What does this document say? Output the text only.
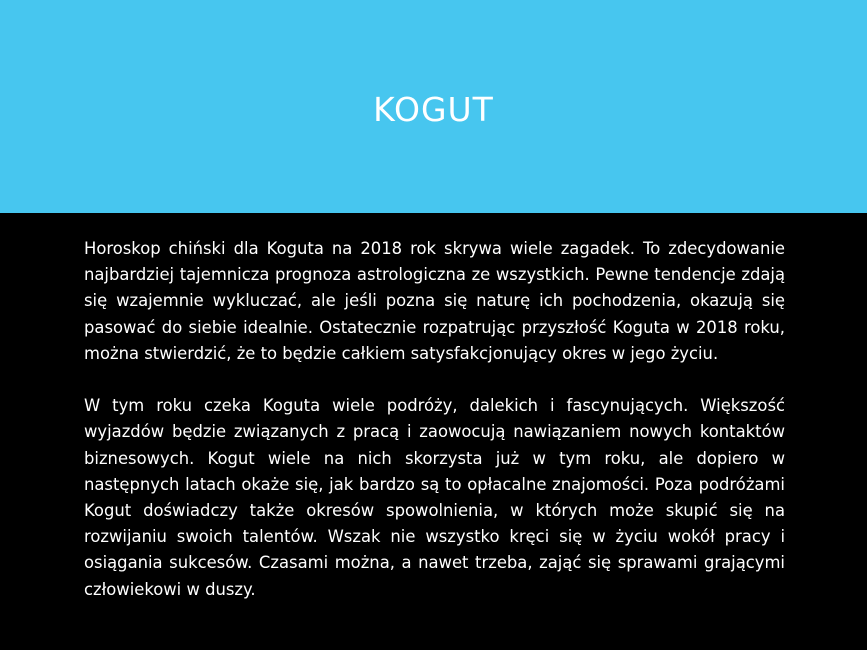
KOGUT

Horoskop chiński dla Koguta na 2018 rok skrywa wiele zagadek. To zdecydowanie najbardziej tajemnicza prognoza astrologiczna ze wszystkich. Pewne tendencje zdają się wzajemnie wykluczać, ale jeśli pozna się naturę ich pochodzenia, okazują się pasować do siebie idealnie. Ostatecznie rozpatrując przyszłość Koguta w 2018 roku, można stwierdzić, że to będzie całkiem satysfakcjonujący okres w jego życiu.

W tym roku czeka Koguta wiele podróży, dalekich i fascynujących. Większość wyjazdów będzie związanych z pracą i zaowocują nawiązaniem nowych kontaktów biznesowych. Kogut wiele na nich skorzysta już w tym roku, ale dopiero w następnych latach okaże się, jak bardzo są to opłacalne znajomości. Poza podróżami Kogut doświadczy także okresów spowolnienia, w których może skupić się na rozwijaniu swoich talentów. Wszak nie wszystko kręci się w życiu wokół pracy i osiągania sukcesów. Czasami można, a nawet trzeba, zająć się sprawami grającymi człowiekowi w duszy.
